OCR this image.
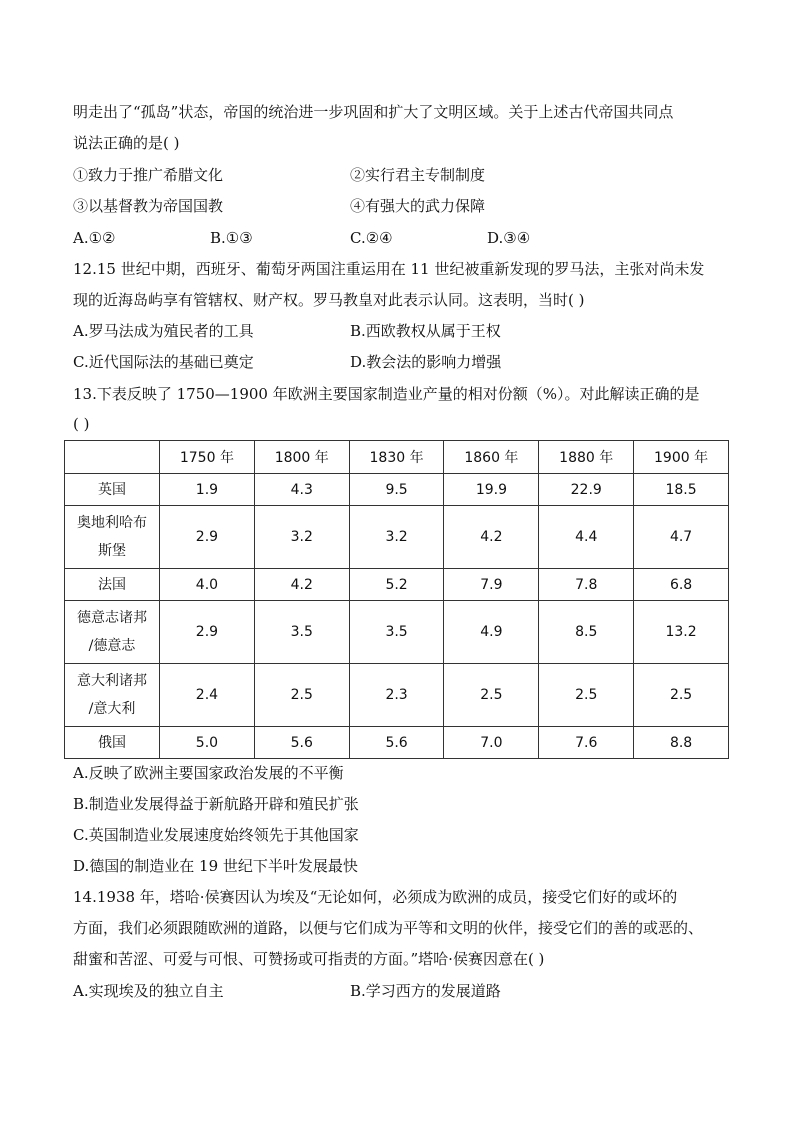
明走出了“孤岛”状态，帝国的统治进一步巩固和扩大了文明区域。关于上述古代帝国共同点
说法正确的是( )
①致力于推广希腊文化	②实行君主专制制度
③以基督教为帝国国教	④有强大的武力保障
A.①②	B.①③	C.②④	D.③④
12.15 世纪中期，西班牙、葡萄牙两国注重运用在 11 世纪被重新发现的罗马法，主张对尚未发
现的近海岛屿享有管辖权、财产权。罗马教皇对此表示认同。这表明，当时( )
A.罗马法成为殖民者的工具	B.西欧教权从属于王权
C.近代国际法的基础已奠定	D.教会法的影响力增强
13.下表反映了 1750—1900 年欧洲主要国家制造业产量的相对份额（%）。对此解读正确的是
( )
	1750 年	1800 年	1830 年	1860 年	1880 年	1900 年
英国	1.9	4.3	9.5	19.9	22.9	18.5
奥地利哈布
斯堡	2.9	3.2	3.2	4.2	4.4	4.7
法国	4.0	4.2	5.2	7.9	7.8	6.8
德意志诸邦
/德意志	2.9	3.5	3.5	4.9	8.5	13.2
意大利诸邦
/意大利	2.4	2.5	2.3	2.5	2.5	2.5
俄国	5.0	5.6	5.6	7.0	7.6	8.8
A.反映了欧洲主要国家政治发展的不平衡
B.制造业发展得益于新航路开辟和殖民扩张
C.英国制造业发展速度始终领先于其他国家
D.德国的制造业在 19 世纪下半叶发展最快
14.1938 年，塔哈·侯赛因认为埃及“无论如何，必须成为欧洲的成员，接受它们好的或坏的
方面，我们必须跟随欧洲的道路，以便与它们成为平等和文明的伙伴，接受它们的善的或恶的、
甜蜜和苦涩、可爱与可恨、可赞扬或可指责的方面。”塔哈·侯赛因意在( )
A.实现埃及的独立自主	B.学习西方的发展道路
